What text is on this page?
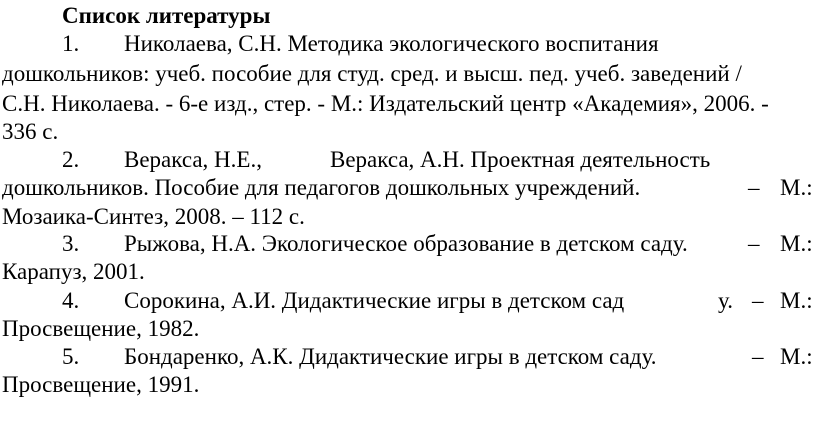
Список литературы
1. Николаева, С.Н. Методика экологического воспитания
дошкольников: учеб. пособие для студ. сред. и высш. пед. учеб. заведений /
С.Н. Николаева. - 6-е изд., стер. - М.: Издательский центр «Академия», 2006. -
336 с.
2. Веракса, Н.Е.,	Веракса, А.Н. Проектная деятельность
дошкольников. Пособие для педагогов дошкольных учреждений.	– М.:
Мозаика-Синтез, 2008. – 112 с.
3. Рыжова, Н.А. Экологическое образование в детском саду.	– М.:
Карапуз, 2001.
4. Сорокина, А.И. Дидактические игры в детском сад	у. – М.:
Просвещение, 1982.
5. Бондаренко, А.К. Дидактические игры в детском саду.	– М.:
Просвещение, 1991.
